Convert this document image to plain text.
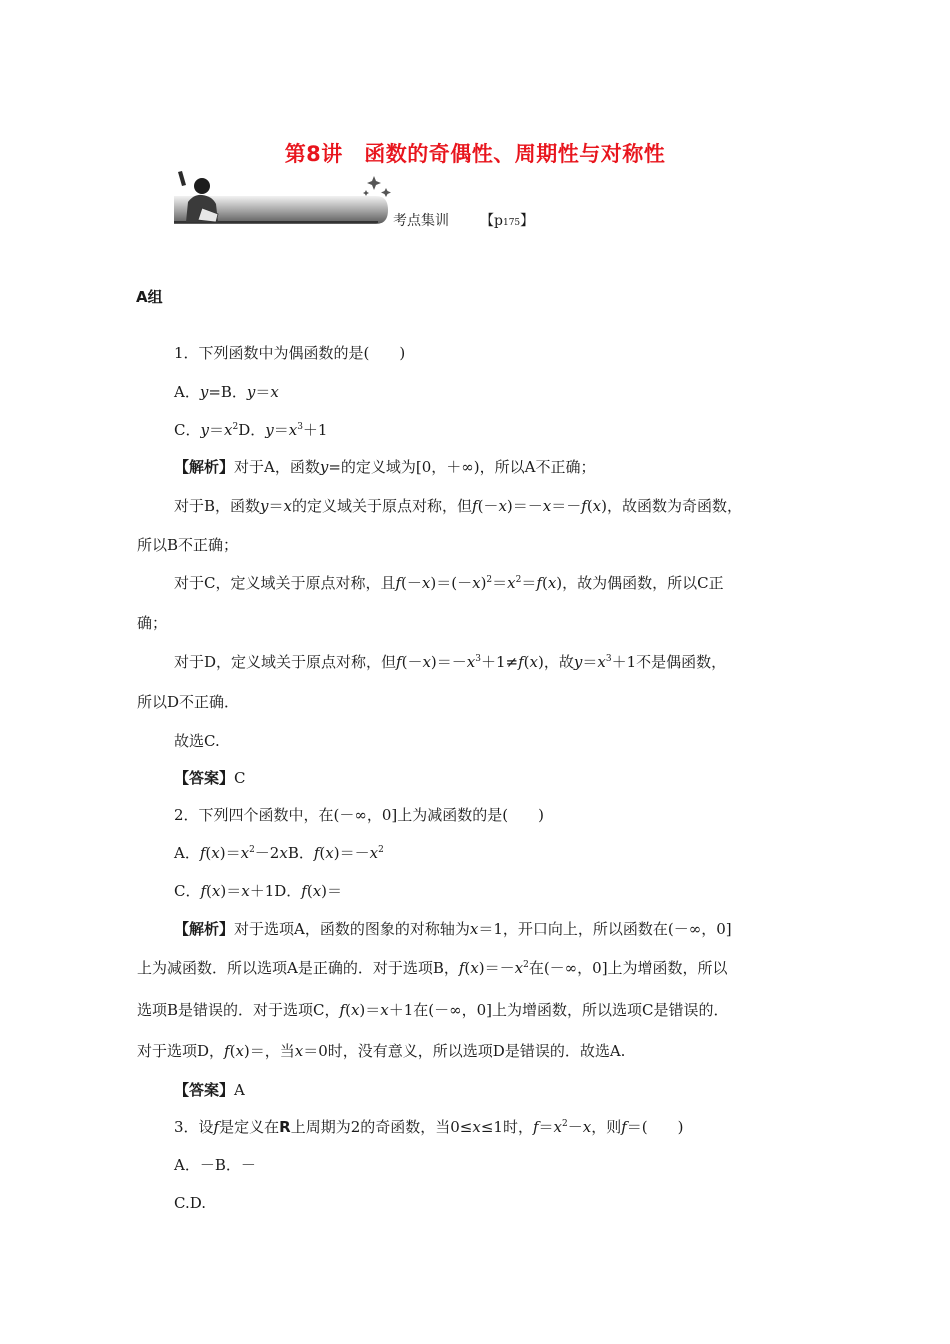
第8讲　函数的奇偶性、周期性与对称性
考点集训 【p175】
A组
1．下列函数中为偶函数的是(　　)
A．y=B．y＝x
C．$y=x^2D$．$y=x^3+1$
【解析】对于A，函数y=的定义域为[0，＋∞)，所以A不正确；
对于B，函数y＝x的定义域关于原点对称，但f(－x)＝－x＝－f(x)，故函数为奇函数，
所以B不正确；
对于C，定义域关于原点对称，且$f(-x)=(-x)^2=x^2=f(x)$，故为偶函数，所以C正
确；
对于D，定义域关于原点对称，但$f(-x)=-x^3+1\ne f(x)$，故$y=x^3+1$不是偶函数，
所以D不正确．
故选C.
【答案】C
2．下列四个函数中，在(－∞，0]上为减函数的是(　　)
A．$f(x)=x^2-2xB$．$f(x)=-x^2$
C．f(x)＝x＋1D．f(x)＝
【解析】对于选项A，函数的图象的对称轴为x＝1，开口向上，所以函数在(－∞，0]
上为减函数．所以选项A是正确的．对于选项B，$f(x)=-x^2$在(－∞，0]上为增函数，所以
选项B是错误的．对于选项C，f(x)＝x＋1在(－∞，0]上为增函数，所以选项C是错误的．
对于选项D，f(x)＝，当x＝0时，没有意义，所以选项D是错误的．故选A.
【答案】A
3．设f是定义在R上周期为2的奇函数，当0≤x≤1时，$f=x^2-x$，则f＝(　　)
A．－B．－
C.D.
